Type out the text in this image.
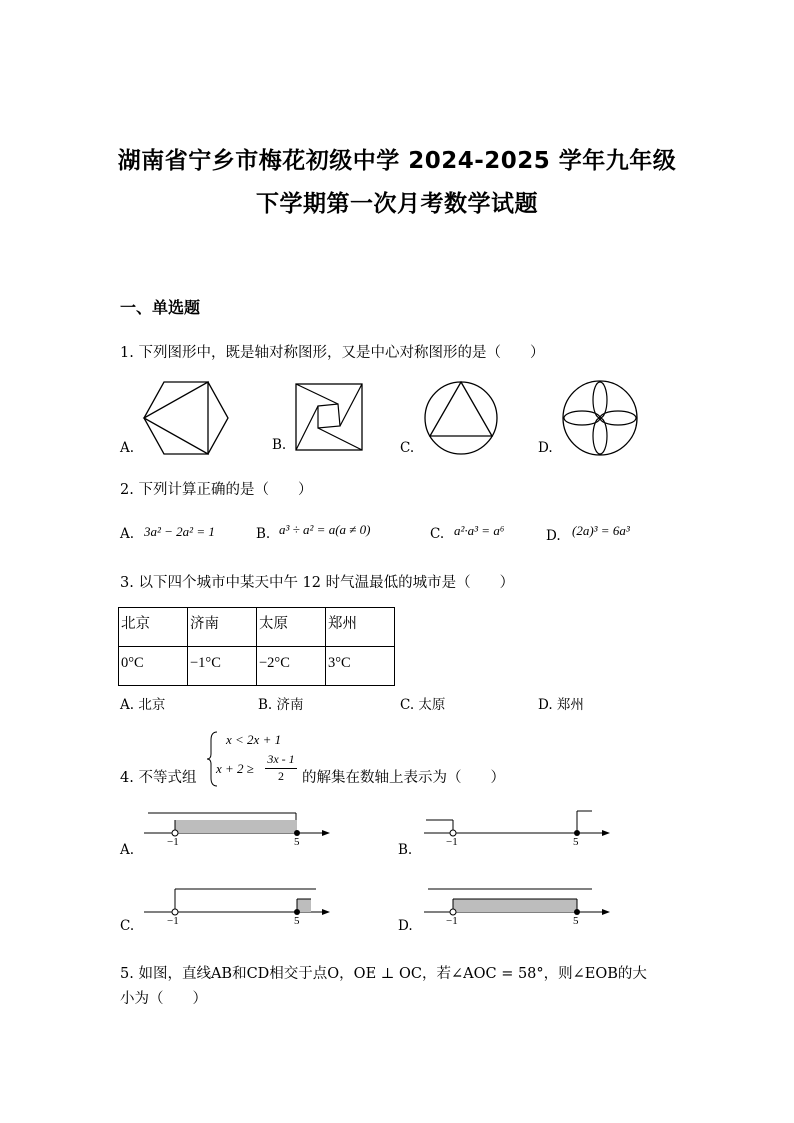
湖南省宁乡市梅花初级中学 2024-2025 学年九年级
下学期第一次月考数学试题
一、单选题
1. 下列图形中，既是轴对称图形，又是中心对称图形的是（　　）
A.	B.	C.	D.
2. 下列计算正确的是（　　）
A. 3a² − 2a² = 1	B. a³ ÷ a² = a(a ≠ 0)	C. a²·a³ = a⁶	D. (2a)³ = 6a³
3. 以下四个城市中某天中午 12 时气温最低的城市是（　　）
北京	济南	太原	郑州

0°C	−1°C	−2°C	3°C
A. 北京	B. 济南	C. 太原	D. 郑州
4. 不等式组
x < 2x + 1
x + 2 ≥
3x - 1
2	的解集在数轴上表示为（　　）
A.	−1	5	B.	−1	5
C.	−1	5	D.	−1	5
5. 如图，直线AB和CD相交于点O，OE ⊥ OC，若∠AOC = 58°，则∠EOB的大
小为（　　）
